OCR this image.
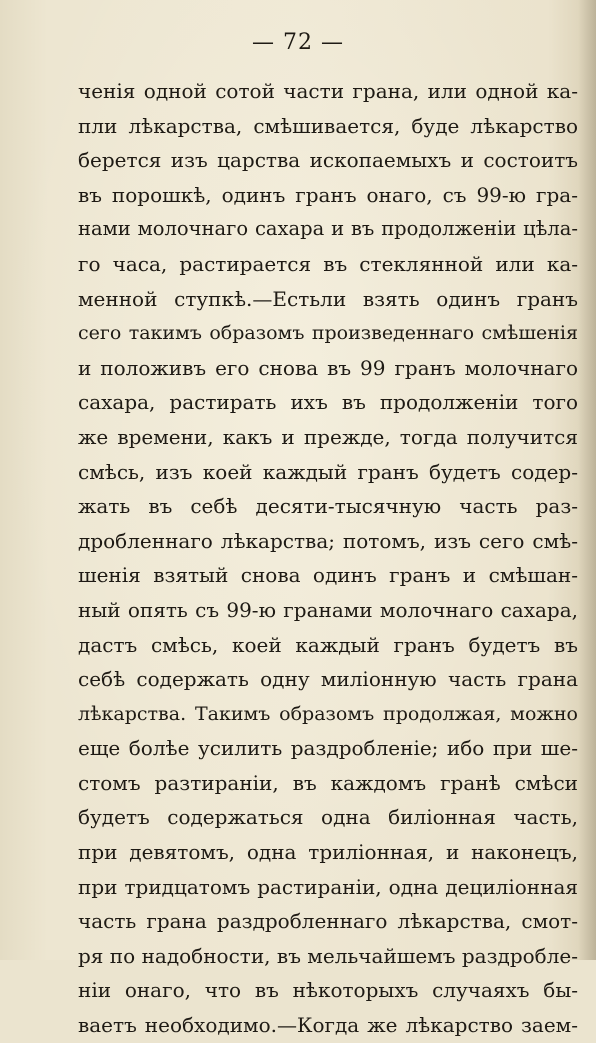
— 72 —
ченія одной сотой части грана, или одной ка-
пли лѣкарства, смѣшивается, буде лѣкарство
берется изъ царства ископаемыхъ и состоитъ
въ порошкѣ, одинъ гранъ онаго, съ 99-ю гра-
нами молочнаго сахара и въ продолженіи цѣла-
го часа, растирается въ стеклянной или ка-
менной ступкѣ.—Естьли взять одинъ гранъ
сего такимъ образомъ произведеннаго смѣшенія
и положивъ его снова въ 99 гранъ молочнаго
сахара, растирать ихъ въ продолженіи того
же времени, какъ и прежде, тогда получится
смѣсь, изъ коей каждый гранъ будетъ содер-
жать въ себѣ десяти-тысячную часть раз-
дробленнаго лѣкарства; потомъ, изъ сего смѣ-
шенія взятый снова одинъ гранъ и смѣшан-
ный опять съ 99-ю гранами молочнаго сахара,
дастъ смѣсь, коей каждый гранъ будетъ въ
себѣ содержать одну миліонную часть грана
лѣкарства. Такимъ образомъ продолжая, можно
еще болѣе усилить раздробленіе; ибо при ше-
стомъ разтираніи, въ каждомъ гранѣ смѣси
будетъ содержаться одна биліонная часть,
при девятомъ, одна триліонная, и наконецъ,
при тридцатомъ растираніи, одна дециліонная
часть грана раздробленнаго лѣкарства, смот-
ря по надобности, въ мельчайшемъ раздробле-
ніи онаго, что въ нѣкоторыхъ случаяхъ бы-
ваетъ необходимо.—Когда же лѣкарство заем-
